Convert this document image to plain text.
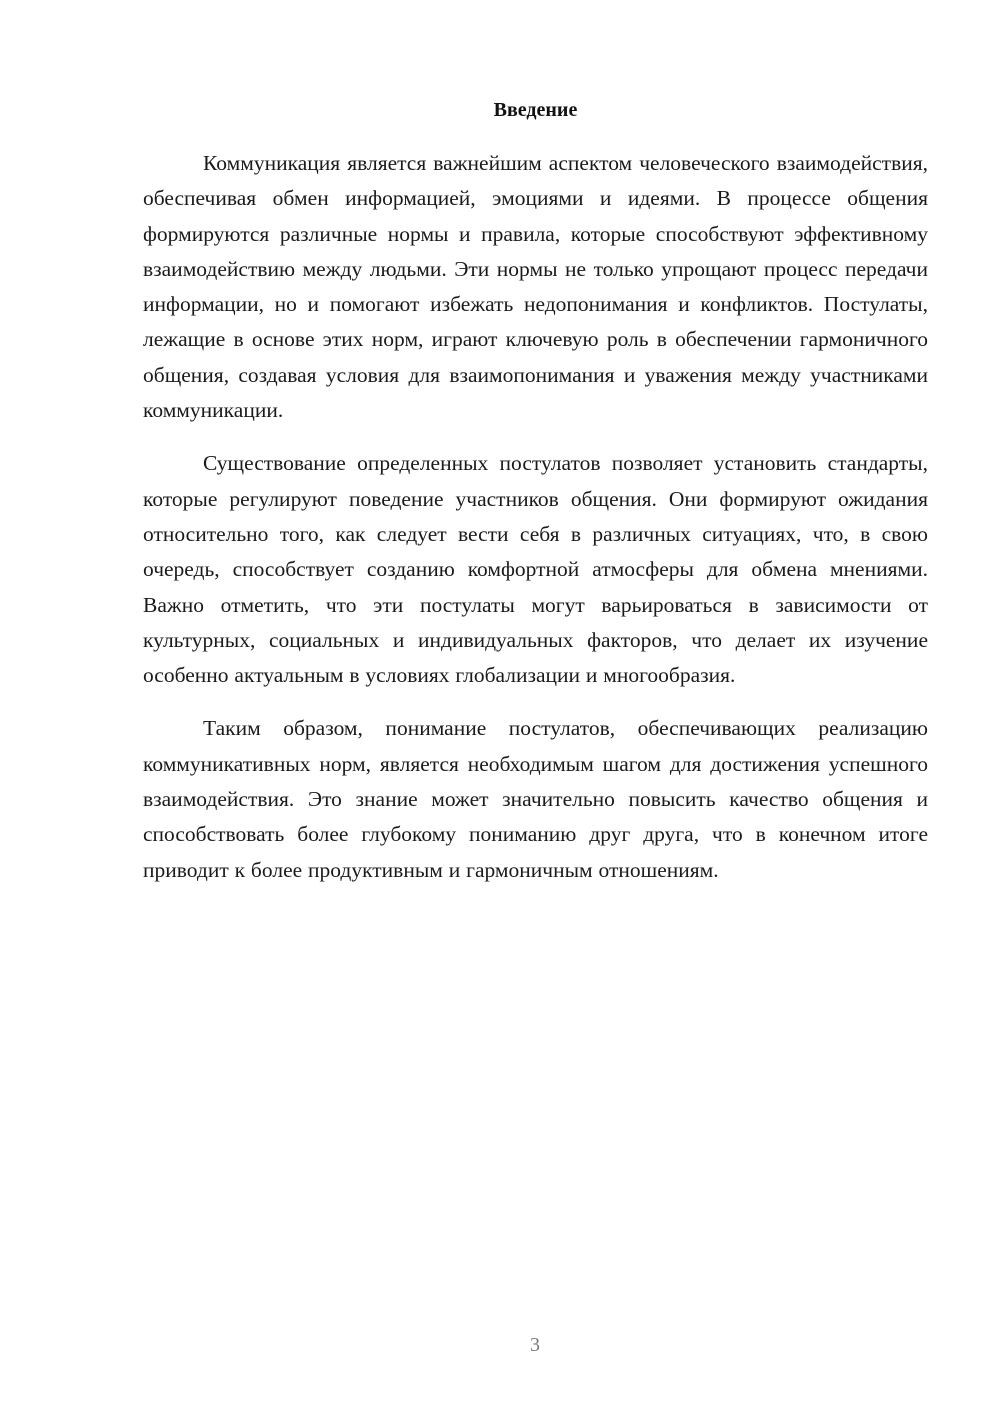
Введение

Коммуникация является важнейшим аспектом человеческого взаимодействия, обеспечивая обмен информацией, эмоциями и идеями. В процессе общения формируются различные нормы и правила, которые способствуют эффективному взаимодействию между людьми. Эти нормы не только упрощают процесс передачи информации, но и помогают избежать недопонимания и конфликтов. Постулаты, лежащие в основе этих норм, играют ключевую роль в обеспечении гармоничного общения, создавая условия для взаимопонимания и уважения между участниками коммуникации.

Существование определенных постулатов позволяет установить стандарты, которые регулируют поведение участников общения. Они формируют ожидания относительно того, как следует вести себя в различных ситуациях, что, в свою очередь, способствует созданию комфортной атмосферы для обмена мнениями. Важно отметить, что эти постулаты могут варьироваться в зависимости от культурных, социальных и индивидуальных факторов, что делает их изучение особенно актуальным в условиях глобализации и многообразия.

Таким образом, понимание постулатов, обеспечивающих реализацию коммуникативных норм, является необходимым шагом для достижения успешного взаимодействия. Это знание может значительно повысить качество общения и способствовать более глубокому пониманию друг друга, что в конечном итоге приводит к более продуктивным и гармоничным отношениям.

3
